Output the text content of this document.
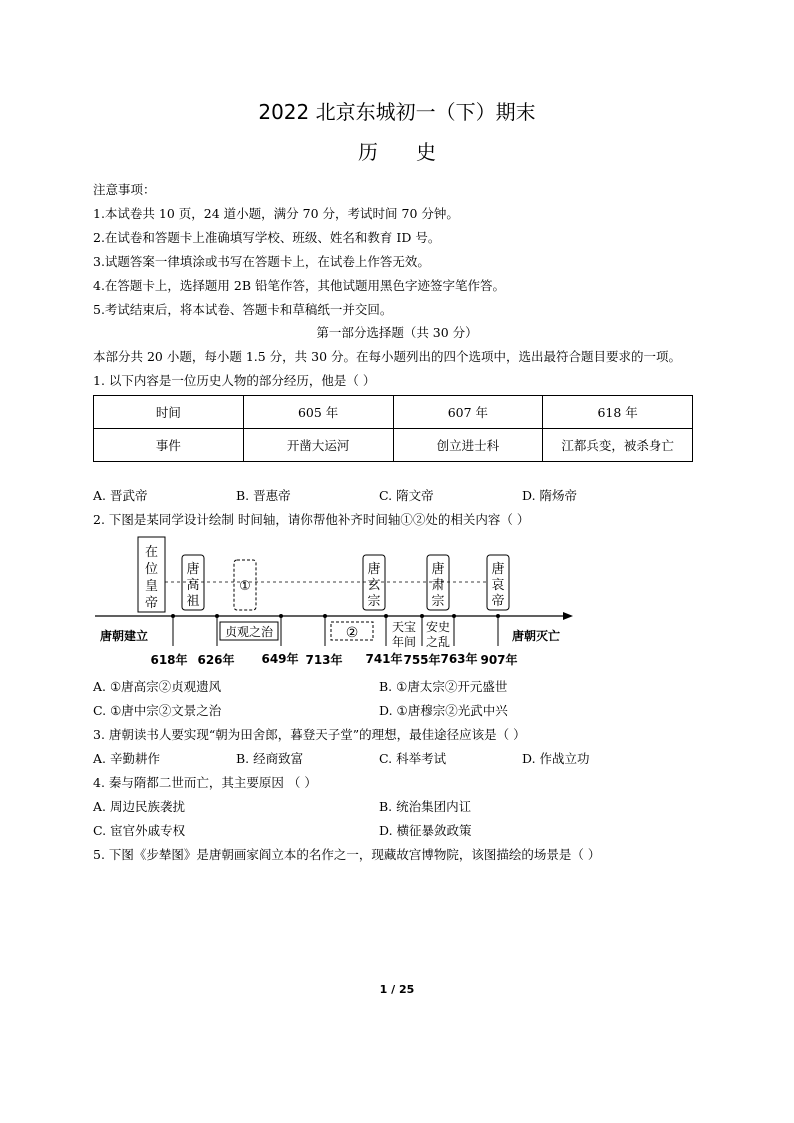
2022 北京东城初一（下）期末
历史
注意事项：
1.本试卷共 10 页，24 道小题，满分 70 分，考试时间 70 分钟。
2.在试卷和答题卡上准确填写学校、班级、姓名和教育 ID 号。
3.试题答案一律填涂或书写在答题卡上，在试卷上作答无效。
4.在答题卡上，选择题用 2B 铅笔作答，其他试题用黑色字迹签字笔作答。
5.考试结束后，将本试卷、答题卡和草稿纸一并交回。
第一部分选择题（共 30 分）
本部分共 20 小题，每小题 1.5 分，共 30 分。在每小题列出的四个选项中，选出最符合题目要求的一项。
1. 以下内容是一位历史人物的部分经历，他是（ ）
时间	605 年	607 年	618 年
事件	开凿大运河	创立进士科	江都兵变，被杀身亡
A. 晋武帝	B. 晋惠帝	C. 隋文帝	D. 隋炀帝
2. 下图是某同学设计绘制 时间轴，请你帮他补齐时间轴①②处的相关内容（ ）
在位皇帝
唐高祖
①
唐玄宗
唐肃宗
唐哀帝
唐朝建立	唐朝灭亡
贞观之治	②	天宝
年间
安史
之乱
618年 626年 649年 713年 741年 755年 763年 907年
A. ①唐高宗②贞观遗风	B. ①唐太宗②开元盛世
C. ①唐中宗②文景之治	D. ①唐穆宗②光武中兴
3. 唐朝读书人要实现“朝为田舍郎，暮登天子堂”的理想，最佳途径应该是（ ）
A. 辛勤耕作	B. 经商致富	C. 科举考试	D. 作战立功
4. 秦与隋都二世而亡，其主要原因 （ ）
A. 周边民族袭扰	B. 统治集团内讧
C. 宦官外戚专权	D. 横征暴敛政策
5. 下图《步辇图》是唐朝画家阎立本的名作之一，现藏故宫博物院，该图描绘的场景是（ ）
1 / 25
